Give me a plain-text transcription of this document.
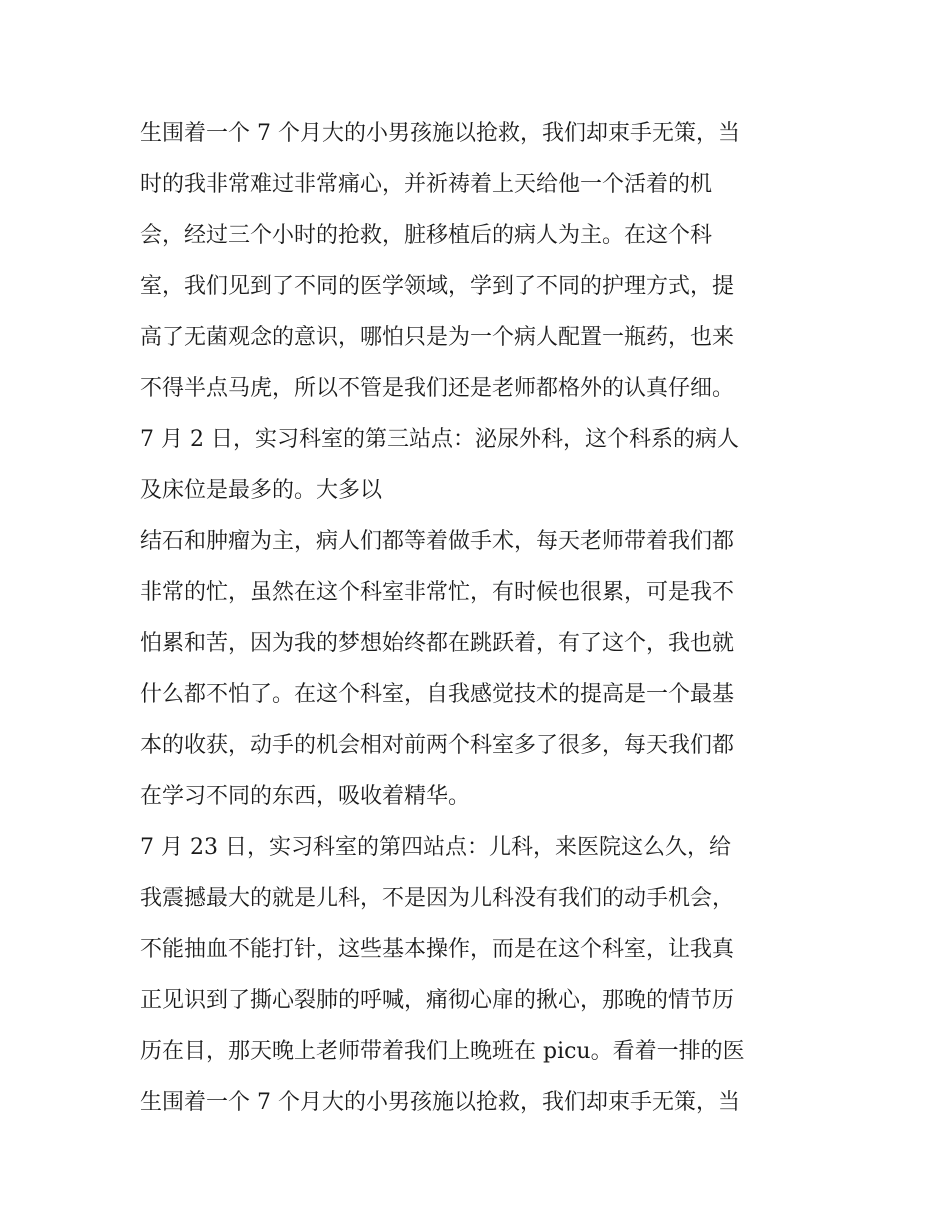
生围着一个 7 个月大的小男孩施以抢救，我们却束手无策，当
时的我非常难过非常痛心，并祈祷着上天给他一个活着的机
会，经过三个小时的抢救，脏移植后的病人为主。在这个科
室，我们见到了不同的医学领域，学到了不同的护理方式，提
高了无菌观念的意识，哪怕只是为一个病人配置一瓶药，也来
不得半点马虎，所以不管是我们还是老师都格外的认真仔细。
7 月 2 日，实习科室的第三站点：泌尿外科，这个科系的病人
及床位是最多的。大多以
结石和肿瘤为主，病人们都等着做手术，每天老师带着我们都
非常的忙，虽然在这个科室非常忙，有时候也很累，可是我不
怕累和苦，因为我的梦想始终都在跳跃着，有了这个，我也就
什么都不怕了。在这个科室，自我感觉技术的提高是一个最基
本的收获，动手的机会相对前两个科室多了很多，每天我们都
在学习不同的东西，吸收着精华。
7 月 23 日，实习科室的第四站点：儿科，来医院这么久，给
我震撼最大的就是儿科，不是因为儿科没有我们的动手机会，
不能抽血不能打针，这些基本操作，而是在这个科室，让我真
正见识到了撕心裂肺的呼喊，痛彻心扉的揪心，那晚的情节历
历在目，那天晚上老师带着我们上晚班在 picu。看着一排的医
生围着一个 7 个月大的小男孩施以抢救，我们却束手无策，当
